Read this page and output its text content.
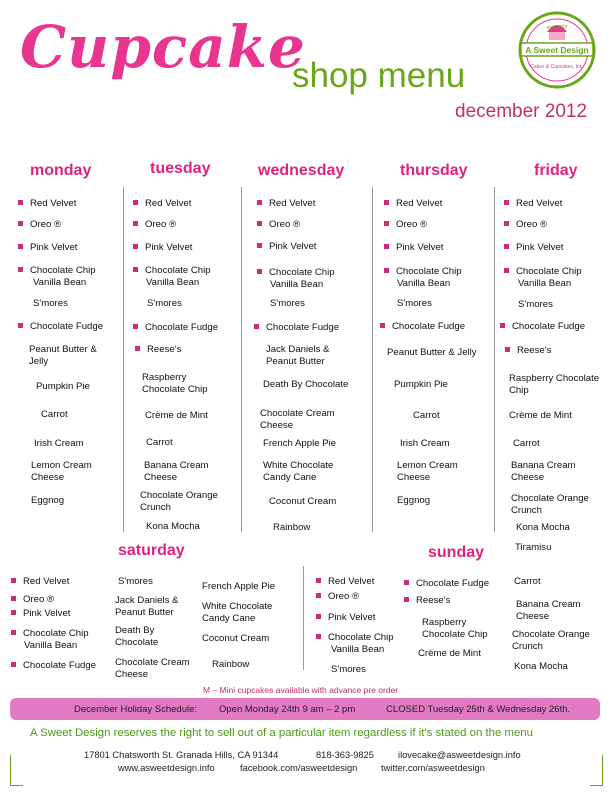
Cupcake
shop menu
december 2012
est. 2007
A Sweet Design
Cakes & Cupcakes, Inc.
monday	tuesday	wednesday	thursday	friday
saturday	sunday
Red Velvet
Oreo ®
Pink Velvet
Chocolate Chip
Vanilla Bean
S'mores
Chocolate Fudge
Peanut Butter &
Jelly
Pumpkin Pie
Carrot
Irish Cream
Lemon Cream
Cheese
Eggnog
Red Velvet
Oreo ®
Pink Velvet
Chocolate Chip
Vanilla Bean
S'mores
Chocolate Fudge
Reese's
Raspberry
Chocolate Chip
Crème de Mint
Carrot
Banana Cream
Cheese
Chocolate Orange
Crunch
Kona Mocha
Red Velvet
Oreo ®
Pink Velvet
Chocolate Chip
Vanilla Bean
S'mores
Chocolate Fudge
Jack Daniels &
Peanut Butter
Death By Chocolate
Chocolate Cream
Cheese
French Apple Pie
White Chocolate
Candy Cane
Coconut Cream
Rainbow
Red Velvet
Oreo ®
Pink Velvet
Chocolate Chip
Vanilla Bean
S'mores
Chocolate Fudge
Peanut Butter & Jelly
Pumpkin Pie
Carrot
Irish Cream
Lemon Cream
Cheese
Eggnog
Red Velvet
Oreo ®
Pink Velvet
Chocolate Chip
Vanilla Bean
S'mores
Chocolate Fudge
Reese's
Raspberry Chocolate
Chip
Crème de Mint
Carrot
Banana Cream
Cheese
Chocolate Orange
Crunch
Kona Mocha
Tiramisu
Red Velvet
Oreo ®
Pink Velvet
Chocolate Chip
Vanilla Bean
Chocolate Fudge
S'mores
Jack Daniels &
Peanut Butter
Death By
Chocolate
Chocolate Cream
Cheese
French Apple Pie
White Chocolate
Candy Cane
Coconut Cream
Rainbow
Red Velvet
Oreo ®
Pink Velvet
Chocolate Chip
Vanilla Bean
S'mores
Chocolate Fudge
Reese's
Raspberry
Chocolate Chip
Crème de Mint
Carrot
Banana Cream
Cheese
Chocolate Orange
Crunch
Kona Mocha
M – Mini cupcakes available with advance pre order
December Holiday Schedule: Open Monday 24th 9 am – 2 pm	CLOSED Tuesday 25th & Wednesday 26th.
A Sweet Design reserves the right to sell out of a particular item regardless if it's stated on the menu
17801 Chatsworth St. Granada Hills, CA 91344	818-363-9825	ilovecake@asweetdesign.info
www.asweetdesign.info	facebook.com/asweetdesign	twitter.com/asweetdesign
